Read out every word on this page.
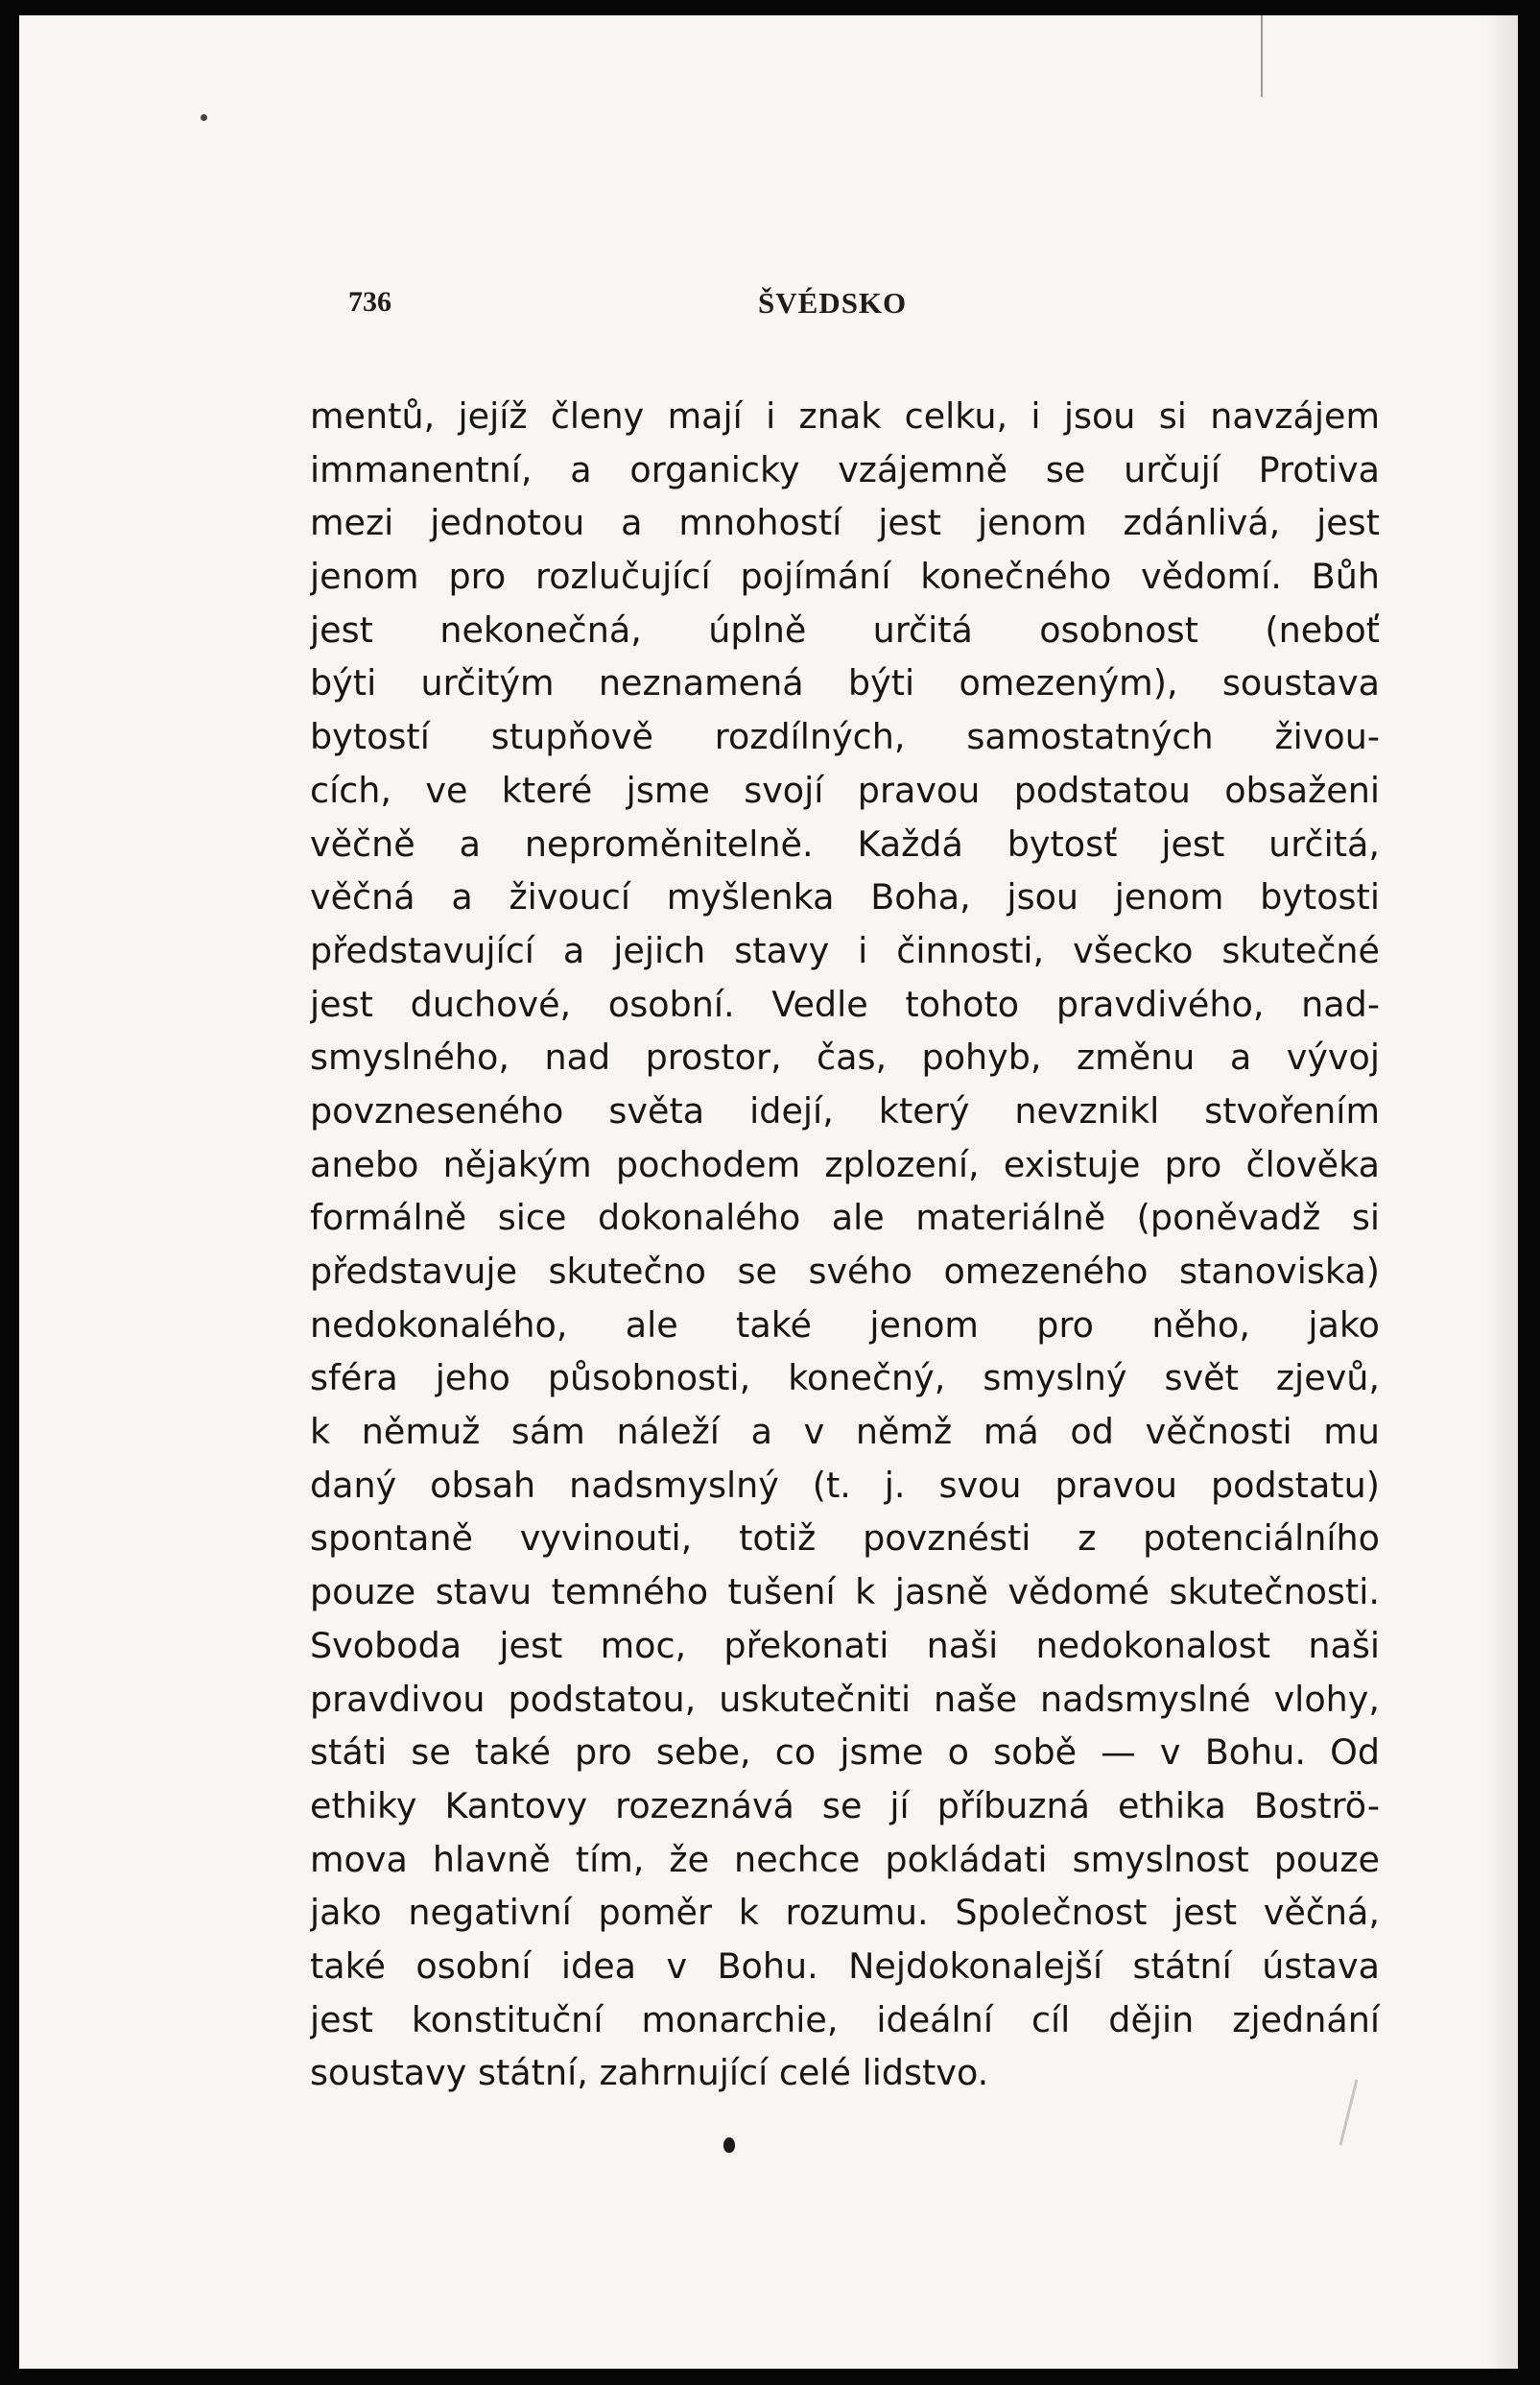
736	ŠVÉDSKO
mentů, jejíž členy mají i znak celku, i jsou si navzájem
immanentní, a organicky vzájemně se určují Protiva
mezi jednotou a mnohostí jest jenom zdánlivá, jest
jenom pro rozlučující pojímání konečného vědomí. Bůh
jest nekonečná, úplně určitá osobnost (neboť
býti určitým neznamená býti omezeným), soustava
bytostí stupňově rozdílných, samostatných živou-
cích, ve které jsme svojí pravou podstatou obsaženi
věčně a neproměnitelně. Každá bytosť jest určitá,
věčná a živoucí myšlenka Boha, jsou jenom bytosti
představující a jejich stavy i činnosti, všecko skutečné
jest duchové, osobní. Vedle tohoto pravdivého, nad-
smyslného, nad prostor, čas, pohyb, změnu a vývoj
povzneseného světa idejí, který nevznikl stvořením
anebo nějakým pochodem zplození, existuje pro člověka
formálně sice dokonalého ale materiálně (poněvadž si
představuje skutečno se svého omezeného stanoviska)
nedokonalého, ale také jenom pro něho, jako
sféra jeho působnosti, konečný, smyslný svět zjevů,
k němuž sám náleží a v němž má od věčnosti mu
daný obsah nadsmyslný (t. j. svou pravou podstatu)
spontaně vyvinouti, totiž povznésti z potenciálního
pouze stavu temného tušení k jasně vědomé skutečnosti.
Svoboda jest moc, překonati naši nedokonalost naši
pravdivou podstatou, uskutečniti naše nadsmyslné vlohy,
státi se také pro sebe, co jsme o sobě — v Bohu. Od
ethiky Kantovy rozeznává se jí příbuzná ethika Boströ-
mova hlavně tím, že nechce pokládati smyslnost pouze
jako negativní poměr k rozumu. Společnost jest věčná,
také osobní idea v Bohu. Nejdokonalejší státní ústava
jest konstituční monarchie, ideální cíl dějin zjednání
soustavy státní, zahrnující celé lidstvo.
